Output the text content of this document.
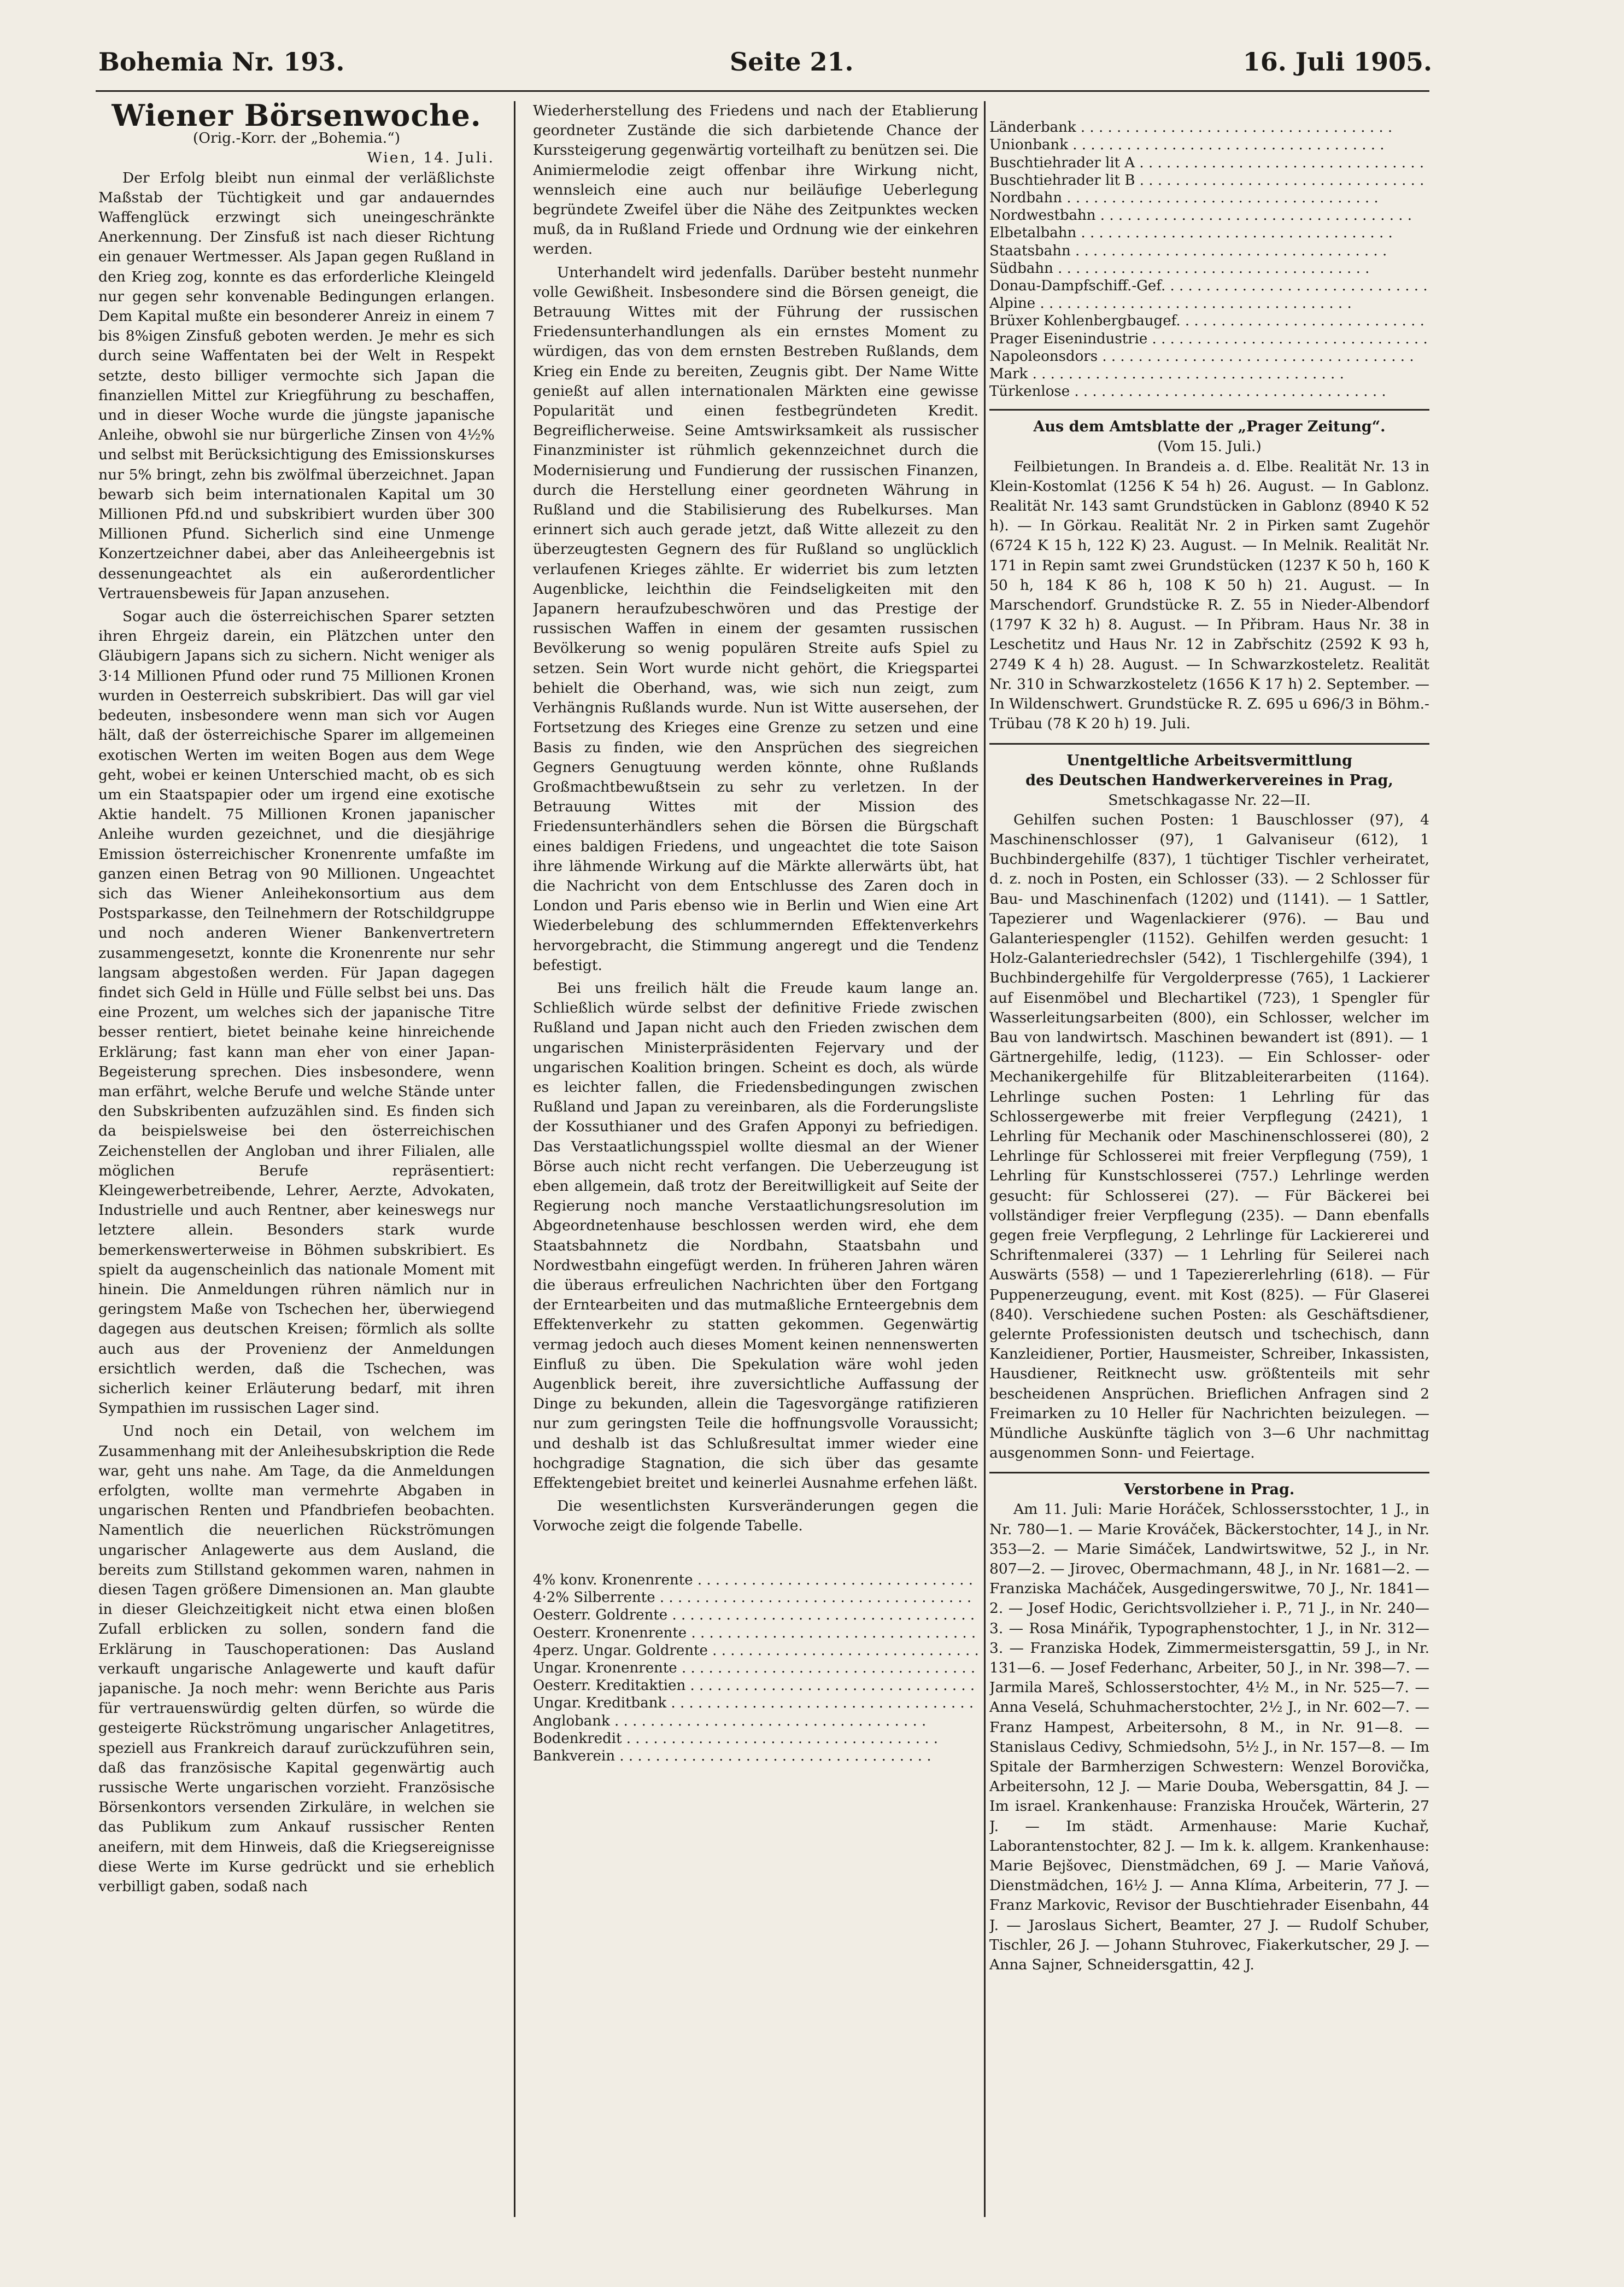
Bohemia Nr. 193.	Seite 21.	16. Juli 1905.
Wiener Börsenwoche.

(Orig.-Korr. der „Bohemia.“)

Wien, 14. Juli.

Der Erfolg bleibt nun einmal der verläßlichste Maßstab der Tüchtigkeit und gar andauerndes Waffenglück erzwingt sich uneingeschränkte Anerkennung. Der Zinsfuß ist nach dieser Richtung ein genauer Wertmesser. Als Japan gegen Rußland in den Krieg zog, konnte es das erforderliche Kleingeld nur gegen sehr konvenable Bedingungen erlangen. Dem Kapital mußte ein besonderer Anreiz in einem 7 bis 8%igen Zinsfuß geboten werden. Je mehr es sich durch seine Waffentaten bei der Welt in Respekt setzte, desto billiger vermochte sich Japan die finanziellen Mittel zur Kriegführung zu beschaffen, und in dieser Woche wurde die jüngste japanische Anleihe, obwohl sie nur bürgerliche Zinsen von 4½% und selbst mit Berücksichtigung des Emissionskurses nur 5% bringt, zehn bis zwölfmal überzeichnet. Japan bewarb sich beim internationalen Kapital um 30 Millionen Pfd.nd und subskribiert wurden über 300 Millionen Pfund. Sicherlich sind eine Unmenge Konzertzeichner dabei, aber das Anleiheergebnis ist dessenungeachtet als ein außerordentlicher Vertrauensbeweis für Japan anzusehen.

Sogar auch die österreichischen Sparer setzten ihren Ehrgeiz darein, ein Plätzchen unter den Gläubigern Japans sich zu sichern. Nicht weniger als 3·14 Millionen Pfund oder rund 75 Millionen Kronen wurden in Oesterreich subskribiert. Das will gar viel bedeuten, insbesondere wenn man sich vor Augen hält, daß der österreichische Sparer im allgemeinen exotischen Werten im weiten Bogen aus dem Wege geht, wobei er keinen Unterschied macht, ob es sich um ein Staatspapier oder um irgend eine exotische Aktie handelt. 75 Millionen Kronen japanischer Anleihe wurden gezeichnet, und die diesjährige Emission österreichischer Kronenrente umfaßte im ganzen einen Betrag von 90 Millionen. Ungeachtet sich das Wiener Anleihekonsortium aus dem Postsparkasse, den Teilnehmern der Rotschildgruppe und noch anderen Wiener Bankenvertretern zusammengesetzt, konnte die Kronenrente nur sehr langsam abgestoßen werden. Für Japan dagegen findet sich Geld in Hülle und Fülle selbst bei uns. Das eine Prozent, um welches sich der japanische Titre besser rentiert, bietet beinahe keine hinreichende Erklärung; fast kann man eher von einer Japan-Begeisterung sprechen. Dies insbesondere, wenn man erfährt, welche Berufe und welche Stände unter den Subskribenten aufzuzählen sind. Es finden sich da beispielsweise bei den österreichischen Zeichenstellen der Angloban und ihrer Filialen, alle möglichen Berufe repräsentiert: Kleingewerbetreibende, Lehrer, Aerzte, Advokaten, Industrielle und auch Rentner, aber keineswegs nur letztere allein. Besonders stark wurde bemerkenswerterweise in Böhmen subskribiert. Es spielt da augenscheinlich das nationale Moment mit hinein. Die Anmeldungen rühren nämlich nur in geringstem Maße von Tschechen her, überwiegend dagegen aus deutschen Kreisen; förmlich als sollte auch aus der Provenienz der Anmeldungen ersichtlich werden, daß die Tschechen, was sicherlich keiner Erläuterung bedarf, mit ihren Sympathien im russischen Lager sind.

Und noch ein Detail, von welchem im Zusammenhang mit der Anleihesubskription die Rede war, geht uns nahe. Am Tage, da die Anmeldungen erfolgten, wollte man vermehrte Abgaben in ungarischen Renten und Pfandbriefen beobachten. Namentlich die neuerlichen Rückströmungen ungarischer Anlagewerte aus dem Ausland, die bereits zum Stillstand gekommen waren, nahmen in diesen Tagen größere Dimensionen an. Man glaubte in dieser Gleichzeitigkeit nicht etwa einen bloßen Zufall erblicken zu sollen, sondern fand die Erklärung in Tauschoperationen: Das Ausland verkauft ungarische Anlagewerte und kauft dafür japanische. Ja noch mehr: wenn Berichte aus Paris für vertrauenswürdig gelten dürfen, so würde die gesteigerte Rückströmung ungarischer Anlagetitres, speziell aus Frankreich darauf zurückzuführen sein, daß das französische Kapital gegenwärtig auch russische Werte ungarischen vorzieht. Französische Börsenkontors versenden Zirkuläre, in welchen sie das Publikum zum Ankauf russischer Renten aneifern, mit dem Hinweis, daß die Kriegsereignisse diese Werte im Kurse gedrückt und sie erheblich verbilligt gaben, sodaß nach

Wiederherstellung des Friedens und nach der Etablierung geordneter Zustände die sich darbietende Chance der Kurssteigerung gegenwärtig vorteilhaft zu benützen sei. Die Animiermelodie zeigt offenbar ihre Wirkung nicht, wennsleich eine auch nur beiläufige Ueberlegung begründete Zweifel über die Nähe des Zeitpunktes wecken muß, da in Rußland Friede und Ordnung wie der einkehren werden.

Unterhandelt wird jedenfalls. Darüber besteht nunmehr volle Gewißheit. Insbesondere sind die Börsen geneigt, die Betrauung Wittes mit der Führung der russischen Friedensunterhandlungen als ein ernstes Moment zu würdigen, das von dem ernsten Bestreben Rußlands, dem Krieg ein Ende zu bereiten, Zeugnis gibt. Der Name Witte genießt auf allen internationalen Märkten eine gewisse Popularität und einen festbegründeten Kredit. Begreiflicherweise. Seine Amtswirksamkeit als russischer Finanzminister ist rühmlich gekennzeichnet durch die Modernisierung und Fundierung der russischen Finanzen, durch die Herstellung einer geordneten Währung in Rußland und die Stabilisierung des Rubelkurses. Man erinnert sich auch gerade jetzt, daß Witte allezeit zu den überzeugtesten Gegnern des für Rußland so unglücklich verlaufenen Krieges zählte. Er widerriet bis zum letzten Augenblicke, leichthin die Feindseligkeiten mit den Japanern heraufzubeschwören und das Prestige der russischen Waffen in einem der gesamten russischen Bevölkerung so wenig populären Streite aufs Spiel zu setzen. Sein Wort wurde nicht gehört, die Kriegspartei behielt die Oberhand, was, wie sich nun zeigt, zum Verhängnis Rußlands wurde. Nun ist Witte ausersehen, der Fortsetzung des Krieges eine Grenze zu setzen und eine Basis zu finden, wie den Ansprüchen des siegreichen Gegners Genugtuung werden könnte, ohne Rußlands Großmachtbewußtsein zu sehr zu verletzen. In der Betrauung Wittes mit der Mission des Friedensunterhändlers sehen die Börsen die Bürgschaft eines baldigen Friedens, und ungeachtet die tote Saison ihre lähmende Wirkung auf die Märkte allerwärts übt, hat die Nachricht von dem Entschlusse des Zaren doch in London und Paris ebenso wie in Berlin und Wien eine Art Wiederbelebung des schlummernden Effektenverkehrs hervorgebracht, die Stimmung angeregt und die Tendenz befestigt.

Bei uns freilich hält die Freude kaum lange an. Schließlich würde selbst der definitive Friede zwischen Rußland und Japan nicht auch den Frieden zwischen dem ungarischen Ministerpräsidenten Fejervary und der ungarischen Koalition bringen. Scheint es doch, als würde es leichter fallen, die Friedensbedingungen zwischen Rußland und Japan zu vereinbaren, als die Forderungsliste der Kossuthianer und des Grafen Apponyi zu befriedigen. Das Verstaatlichungsspiel wollte diesmal an der Wiener Börse auch nicht recht verfangen. Die Ueberzeugung ist eben allgemein, daß trotz der Bereitwilligkeit auf Seite der Regierung noch manche Verstaatlichungsresolution im Abgeordnetenhause beschlossen werden wird, ehe dem Staatsbahnnetz die Nordbahn, Staatsbahn und Nordwestbahn eingefügt werden. In früheren Jahren wären die überaus erfreulichen Nachrichten über den Fortgang der Erntearbeiten und das mutmaßliche Ernteergebnis dem Effektenverkehr zu statten gekommen. Gegenwärtig vermag jedoch auch dieses Moment keinen nennenswerten Einfluß zu üben. Die Spekulation wäre wohl jeden Augenblick bereit, ihre zuversichtliche Auffassung der Dinge zu bekunden, allein die Tagesvorgänge ratifizieren nur zum geringsten Teile die hoffnungsvolle Voraussicht; und deshalb ist das Schlußresultat immer wieder eine hochgradige Stagnation, die sich über das gesamte Effektengebiet breitet und keinerlei Ausnahme erfehen läßt.

Die wesentlichsten Kursveränderungen gegen die Vorwoche zeigt die folgende Tabelle.

4% konv. Kronenrente . . .

4·2% Silberrente . . .

Oesterr. Goldrente . . .

Oesterr. Kronenrente . . .

4perz. Ungar. Goldrente . . .

Ungar. Kronenrente . . .

Oesterr. Kreditaktien . . .

Ungar. Kreditbank . . .

Anglobank . . .

Bodenkredit . . .

Bankverein . . .

Länderbank . . .

Unionbank . . .

Buschtiehrader lit A . . .

Buschtiehrader lit B . . .

Nordbahn . . .

Nordwestbahn . . .

Elbetalbahn . . .

Staatsbahn . . .

Südbahn . . .

Donau-Dampfschiff.-Gef. . . .

Alpine . . .

Brüxer Kohlenbergbaugef. . . .

Prager Eisenindustrie . . .

Napoleonsdors . . .

Mark . . .

Türkenlose . . .

Aus dem Amtsblatte der „Prager Zeitung“.

(Vom 15. Juli.)

Feilbietungen. In Brandeis a. d. Elbe. Realität Nr. 13 in Klein-Kostomlat (1256 K 54 h) 26. August. — In Gablonz. Realität Nr. 143 samt Grundstücken in Gablonz (8940 K 52 h). — In Görkau. Realität Nr. 2 in Pirken samt Zugehör (6724 K 15 h, 122 K) 23. August. — In Melnik. Realität Nr. 171 in Repin samt zwei Grundstücken (1237 K 50 h, 160 K 50 h, 184 K 86 h, 108 K 50 h) 21. August. — In Marschendorf. Grundstücke R. Z. 55 in Nieder-Albendorf (1797 K 32 h) 8. August. — In Přibram. Haus Nr. 38 in Leschetitz und Haus Nr. 12 in Zabřschitz (2592 K 93 h, 2749 K 4 h) 28. August. — In Schwarzkosteletz. Realität Nr. 310 in Schwarzkosteletz (1656 K 17 h) 2. September. — In Wildenschwert. Grundstücke R. Z. 695 u 696/3 in Böhm.-Trübau (78 K 20 h) 19. Juli.

Unentgeltliche Arbeitsvermittlung

des Deutschen Handwerkervereines in Prag,

Smetschkagasse Nr. 22—II.

Gehilfen suchen Posten: 1 Bauschlosser (97), 4 Maschinenschlosser (97), 1 Galvaniseur (612), 1 Buchbindergehilfe (837), 1 tüchtiger Tischler verheiratet, d. z. noch in Posten, ein Schlosser (33). — 2 Schlosser für Bau- und Maschinenfach (1202) und (1141). — 1 Sattler, Tapezierer und Wagenlackierer (976). — Bau und Galanteriespengler (1152). Gehilfen werden gesucht: 1 Holz-Galanteriedrechsler (542), 1 Tischlergehilfe (394), 1 Buchbindergehilfe für Vergolderpresse (765), 1 Lackierer auf Eisenmöbel und Blechartikel (723), 1 Spengler für Wasserleitungsarbeiten (800), ein Schlosser, welcher im Bau von landwirtsch. Maschinen bewandert ist (891). — 1 Gärtnergehilfe, ledig, (1123). — Ein Schlosser- oder Mechanikergehilfe für Blitzableiterarbeiten (1164). Lehrlinge suchen Posten: 1 Lehrling für das Schlossergewerbe mit freier Verpflegung (2421), 1 Lehrling für Mechanik oder Maschinenschlosserei (80), 2 Lehrlinge für Schlosserei mit freier Verpflegung (759), 1 Lehrling für Kunstschlosserei (757.) Lehrlinge werden gesucht: für Schlosserei (27). — Für Bäckerei bei vollständiger freier Verpflegung (235). — Dann ebenfalls gegen freie Verpflegung, 2 Lehrlinge für Lackiererei und Schriftenmalerei (337) — 1 Lehrling für Seilerei nach Auswärts (558) — und 1 Tapeziererlehrling (618). — Für Puppenerzeugung, event. mit Kost (825). — Für Glaserei (840). Verschiedene suchen Posten: als Geschäftsdiener, gelernte Professionisten deutsch und tschechisch, dann Kanzleidiener, Portier, Hausmeister, Schreiber, Inkassisten, Hausdiener, Reitknecht usw. größtenteils mit sehr bescheidenen Ansprüchen. Brieflichen Anfragen sind 2 Freimarken zu 10 Heller für Nachrichten beizulegen. — Mündliche Auskünfte täglich von 3—6 Uhr nachmittag ausgenommen Sonn- und Feiertage.

Verstorbene in Prag.

Am 11. Juli: Marie Horáček, Schlossersstochter, 1 J., in Nr. 780—1. — Marie Krováček, Bäckerstochter, 14 J., in Nr. 353—2. — Marie Simáček, Landwirtswitwe, 52 J., in Nr. 807—2. — Jirovec, Obermachmann, 48 J., in Nr. 1681—2. — Franziska Macháček, Ausgedingerswitwe, 70 J., Nr. 1841—2. — Josef Hodic, Gerichtsvollzieher i. P., 71 J., in Nr. 240—3. — Rosa Minářik, Typographenstochter, 1 J., in Nr. 312—3. — Franziska Hodek, Zimmermeistersgattin, 59 J., in Nr. 131—6. — Josef Federhanc, Arbeiter, 50 J., in Nr. 398—7. — Jarmila Mareš, Schlosserstochter, 4½ M., in Nr. 525—7. — Anna Veselá, Schuhmacherstochter, 2½ J., in Nr. 602—7. — Franz Hampest, Arbeitersohn, 8 M., in Nr. 91—8. — Stanislaus Cedivy, Schmiedsohn, 5½ J., in Nr. 157—8. — Im Spitale der Barmherzigen Schwestern: Wenzel Borovička, Arbeitersohn, 12 J. — Marie Douba, Webersgattin, 84 J. — Im israel. Krankenhause: Franziska Hrouček, Wärterin, 27 J. — Im städt. Armenhause: Marie Kuchař, Laborantenstochter, 82 J. — Im k. k. allgem. Krankenhause: Marie Bejšovec, Dienstmädchen, 69 J. — Marie Vaňová, Dienstmädchen, 16½ J. — Anna Klíma, Arbeiterin, 77 J. — Franz Markovic, Revisor der Buschtiehrader Eisenbahn, 44 J. — Jaroslaus Sichert, Beamter, 27 J. — Rudolf Schuber, Tischler, 26 J. — Johann Stuhrovec, Fiakerkutscher, 29 J. — Anna Sajner, Schneidersgattin, 42 J.
